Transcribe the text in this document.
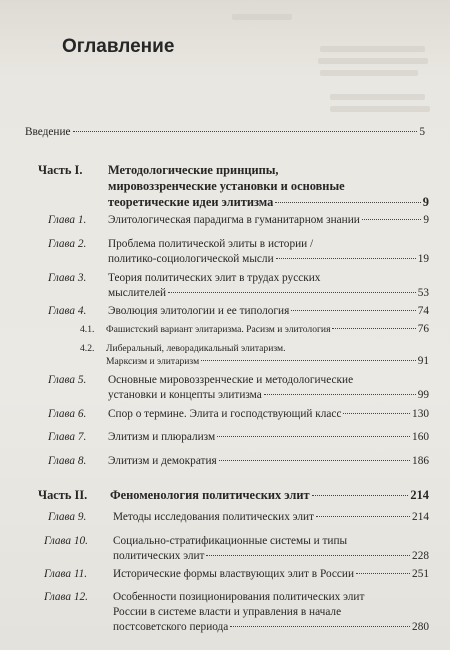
Оглавление
Введение	5
Часть I.	Методологические принципы,
мировоззренческие установки и основные
теоретические идеи элитизма	9
Глава 1.	Элитологическая парадигма в гуманитарном знании	9
Глава 2.	Проблема политической элиты в истории /
политико-социологической мысли	19
Глава 3.	Теория политических элит в трудах русских
мыслителей	53
Глава 4.	Эволюция элитологии и ее типология	74
4.1.	Фашистский вариант элитаризма. Расизм и элитология	76
4.2.	Либеральный, леворадикальный элитаризм.
Марксизм и элитаризм	91
Глава 5.	Основные мировоззренческие и методологические
установки и концепты элитизма	99
Глава 6.	Спор о термине. Элита и господствующий класс	130
Глава 7.	Элитизм и плюрализм	160
Глава 8.	Элитизм и демократия	186
Часть II.	Феноменология политических элит	214
Глава 9.	Методы исследования политических элит	214
Глава 10.	Социально-стратификационные системы и типы
политических элит	228
Глава 11.	Исторические формы властвующих элит в России	251
Глава 12.	Особенности позиционирования политических элит
России в системе власти и управления в начале
постсоветского периода	280
